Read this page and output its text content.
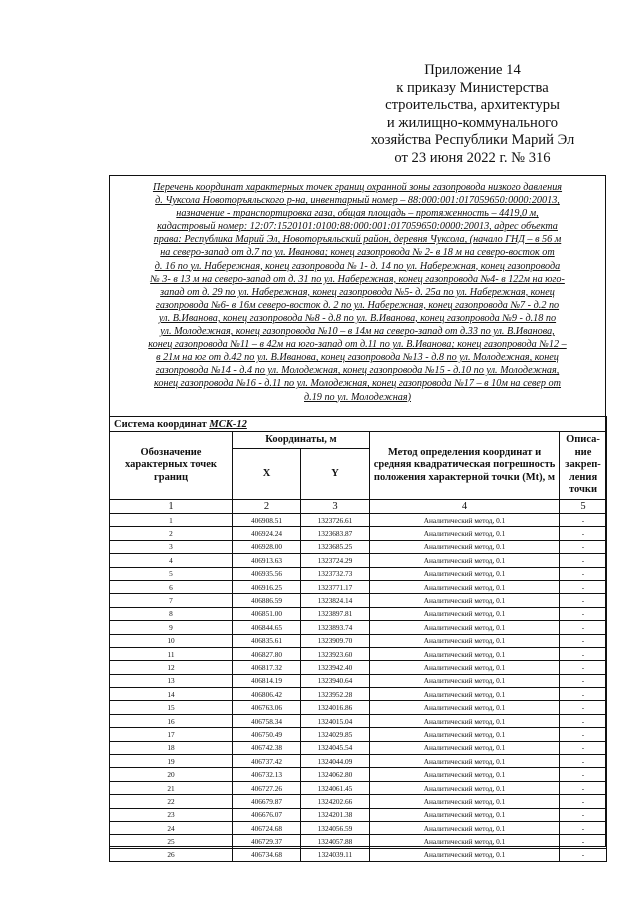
Приложение 14
к приказу Министерства
строительства, архитектуры
и жилищно-коммунального
хозяйства Республики Марий Эл
от 23 июня 2022 г. № 316
Перечень координат характерных точек границ охранной зоны газопровода низкого давления
д. Чуксола Новоторъяльского р-на, инвентарный номер – 88:000:001:017059650:0000:20013,
назначение - транспортировка газа, общая площадь – протяженность – 4419,0 м,
кадастровый номер: 12:07:1520101:0100:88:000:001:017059650:0000:20013, адрес объекта
права: Республика Марий Эл, Новоторъяльский район, деревня Чуксола, (начало ГНД – в 56 м
на северо-запад от д.7 по ул. Иванова; конец газопровода № 2- в 18 м на северо-восток от
д. 16 по ул. Набережная, конец газопровода № 1- д. 14 по ул. Набережная, конец газопровода
№ 3- в 13 м на северо-запад от д. 31 по ул. Набережная, конец газопровода №4- в 122м на юго-
запад от д. 29 по ул. Набережная, конец газопровода №5- д. 25а по ул. Набережная, конец
газопровода №6- в 16м северо-восток д. 2 по ул. Набережная, конец газопровода №7 - д.2 по
ул. В.Иванова, конец газопровода №8 - д.8 по ул. В.Иванова, конец газопровода №9 - д.18 по
ул. Молодежная, конец газопровода №10 – в 14м на северо-запад от д.33 по ул. В.Иванова,
конец газопровода №11 – в 42м на юго-запад от д.11 по ул. В.Иванова; конец газопровода №12 –
в 21м на юг от д.42 по ул. В.Иванова, конец газопровода №13 - д.8 по ул. Молодежная, конец
газопровода №14 - д.4 по ул. Молодежная, конец газопровода №15 - д.10 по ул. Молодежная,
конец газопровода №16 - д.11 по ул. Молодежная, конец газопровода №17 – в 10м на север от
д.19 по ул. Молодежная)
Система координат МСК-12				
Обозначение характерных точек границ	Координаты, м		Метод определения координат и средняя квадратическая погрешность положения характерной точки (Mt), м	Описа-ние закреп-ления точки
	X	Y		
1	2	3	4	5
1	406908.51	1323726.61	Аналитический метод, 0.1	-
2	406924.24	1323683.87	Аналитический метод, 0.1	-
3	406928.00	1323685.25	Аналитический метод, 0.1	-
4	406913.63	1323724.29	Аналитический метод, 0.1	-
5	406935.56	1323732.73	Аналитический метод, 0.1	-
6	406916.25	1323771.17	Аналитический метод, 0.1	-
7	406886.59	1323824.14	Аналитический метод, 0.1	-
8	406851.00	1323897.81	Аналитический метод, 0.1	-
9	406844.65	1323893.74	Аналитический метод, 0.1	-
10	406835.61	1323909.70	Аналитический метод, 0.1	-
11	406827.80	1323923.60	Аналитический метод, 0.1	-
12	406817.32	1323942.40	Аналитический метод, 0.1	-
13	406814.19	1323940.64	Аналитический метод, 0.1	-
14	406806.42	1323952.28	Аналитический метод, 0.1	-
15	406763.06	1324016.86	Аналитический метод, 0.1	-
16	406758.34	1324015.04	Аналитический метод, 0.1	-
17	406750.49	1324029.85	Аналитический метод, 0.1	-
18	406742.38	1324045.54	Аналитический метод, 0.1	-
19	406737.42	1324044.09	Аналитический метод, 0.1	-
20	406732.13	1324062.80	Аналитический метод, 0.1	-
21	406727.26	1324061.45	Аналитический метод, 0.1	-
22	406679.87	1324202.66	Аналитический метод, 0.1	-
23	406676.07	1324201.38	Аналитический метод, 0.1	-
24	406724.68	1324056.59	Аналитический метод, 0.1	-
25	406729.37	1324057.88	Аналитический метод, 0.1	-
26	406734.68	1324039.11	Аналитический метод, 0.1	-
